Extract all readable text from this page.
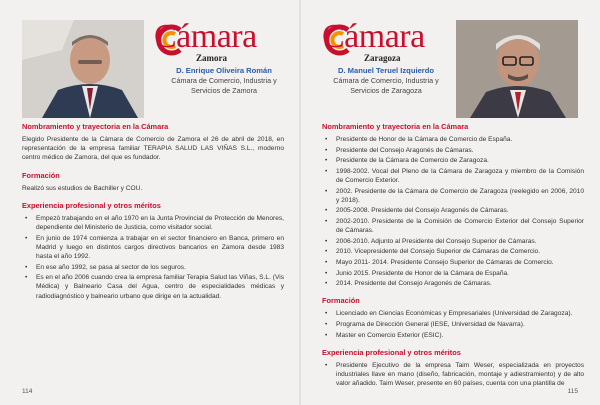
Cámara
Zamora
D. Enrique Oliveira Román
Cámara de Comercio, Industria y Servicios de Zamora
Nombramiento y trayectoria en la Cámara

Elegido Presidente de la Cámara de Comercio de Zamora el 26 de abril de 2018, en representación de la empresa familiar TERAPIA SALUD LAS VIÑAS S.L., moderno centro médico de Zamora, del que es fundador.

Formación

Realizó sus estudios de Bachiller y COU.

Experiencia profesional y otros méritos
• Empezó trabajando en el año 1970 en la Junta Provincial de Protección de Menores, dependiente del Ministerio de Justicia, como visitador social.
• En junio de 1974 comienza a trabajar en el sector financiero en Banca, primero en Madrid y luego en distintos cargos directivos bancarios en Zamora desde 1983 hasta el año 1992.
• En ese año 1992, se pasa al sector de los seguros.
• Es en el año 2006 cuando crea la empresa familiar Terapia Salud las Viñas, S.L. (Vis Médica) y Balneario Casa del Agua, centro de especialidades médicas y radiodiagnóstico y balneario urbano que dirige en la actualidad.
114
Cámara
Zaragoza
D. Manuel Teruel Izquierdo
Cámara de Comercio, Industria y Servicios de Zaragoza
Nombramiento y trayectoria en la Cámara
• Presidente de Honor de la Cámara de Comercio de España.
• Presidente del Consejo Aragonés de Cámaras.
• Presidente de la Cámara de Comercio de Zaragoza.
• 1998-2002. Vocal del Pleno de la Cámara de Zaragoza y miembro de la Comisión de Comercio Exterior.
• 2002. Presidente de la Cámara de Comercio de Zaragoza (reelegido en 2006, 2010 y 2018).
• 2005-2008. Presidente del Consejo Aragonés de Cámaras.
• 2002-2010. Presidente de la Comisión de Comercio Exterior del Consejo Superior de Cámaras.
• 2006-2010. Adjunto al Presidente del Consejo Superior de Cámaras.
• 2010. Vicepresidente del Consejo Superior de Cámaras de Comercio.
• Mayo 2011- 2014. Presidente Consejo Superior de Cámaras de Comercio.
• Junio 2015. Presidente de Honor de la Cámara de España.
• 2014. Presidente del Consejo Aragonés de Cámaras.
Formación
• Licenciado en Ciencias Económicas y Empresariales (Universidad de Zaragoza).
• Programa de Dirección General (IESE, Universidad de Navarra).
• Master en Comercio Exterior (ESIC).
Experiencia profesional y otros méritos
• Presidente Ejecutivo de la empresa Taim Weser, especializada en proyectos industriales llave en mano (diseño, fabricación, montaje y adiestramiento) y de alto valor añadido. Taim Weser, presente en 60 países, cuenta con una plantilla de
115
